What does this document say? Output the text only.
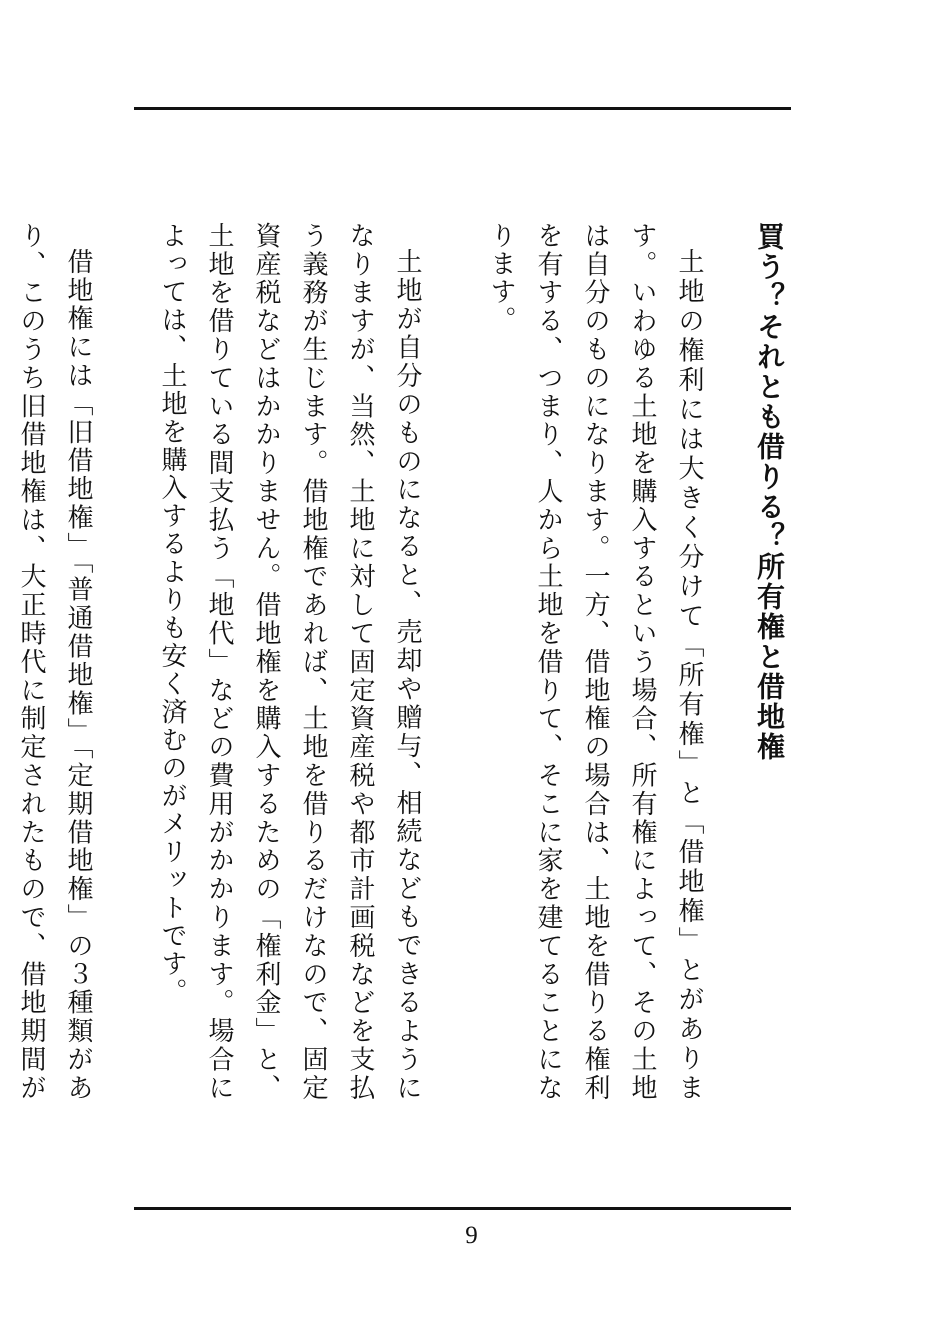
買う？それとも借りる？所有権と借地権

土地の権利には大きく分けて「所有権」と「借地権」とがあります。いわゆる土地を購入するという場合、所有権によって、その土地は自分のものになります。一方、借地権の場合は、土地を借りる権利を有する、つまり、人から土地を借りて、そこに家を建てることになります。

土地が自分のものになると、売却や贈与、相続などもできるようになりますが、当然、土地に対して固定資産税や都市計画税などを支払う義務が生じます。借地権であれば、土地を借りるだけなので、固定資産税などはかかりません。借地権を購入するための「権利金」と、土地を借りている間支払う「地代」などの費用がかかります。場合によっては、土地を購入するよりも安く済むのがメリットです。

借地権には「旧借地権」「普通借地権」「定期借地権」の３種類があり、このうち旧借地権は、大正時代に制定されたもので、借地期間が

9
